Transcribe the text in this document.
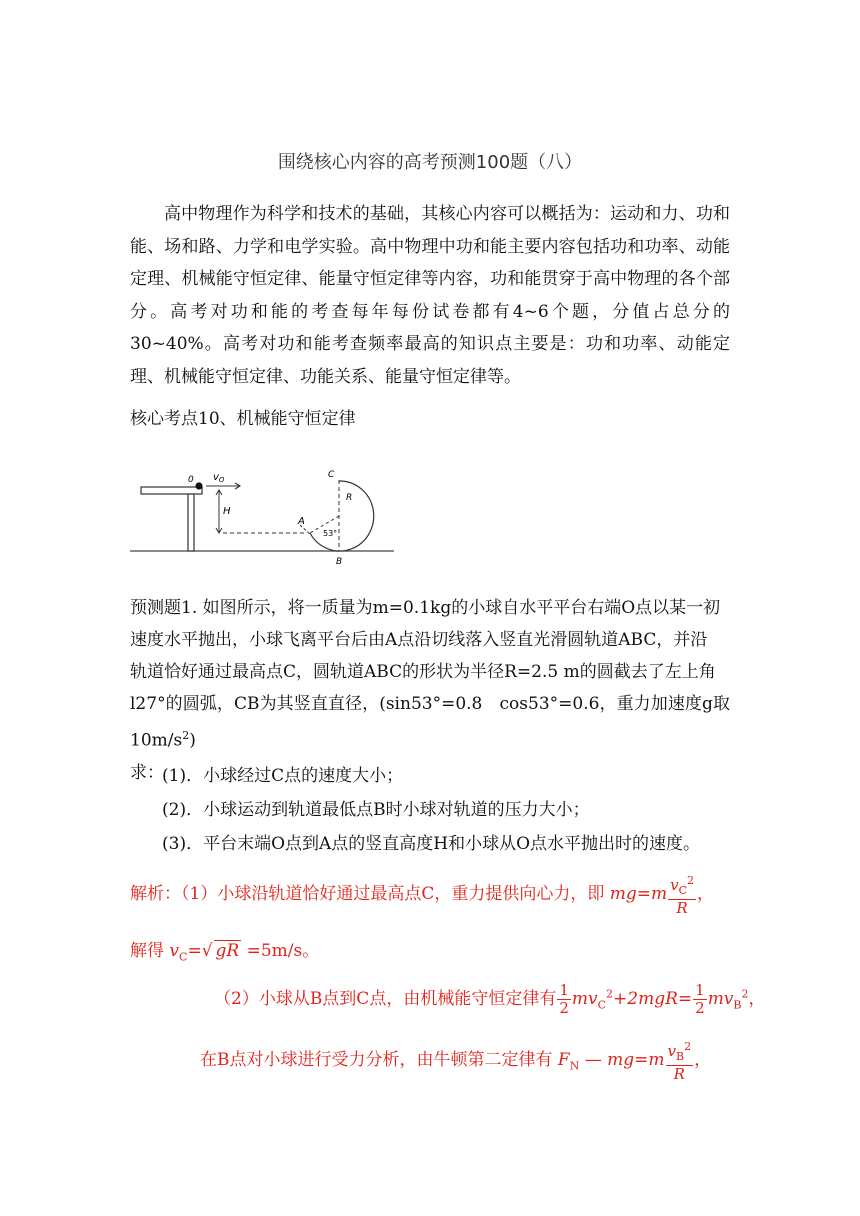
围绕核心内容的高考预测100题（八）
高中物理作为科学和技术的基础，其核心内容可以概括为：运动和力、功和能、场和路、力学和电学实验。高中物理中功和能主要内容包括功和功率、动能定理、机械能守恒定律、能量守恒定律等内容，功和能贯穿于高中物理的各个部分。高考对功和能的考查每年每份试卷都有4~6个题，分值占总分的30~40%。高考对功和能考查频率最高的知识点主要是：功和功率、动能定理、机械能守恒定律、功能关系、能量守恒定律等。
核心考点10、机械能守恒定律
0 $v_O$
H
A
C
R
53°
B
预测题1. 如图所示，将一质量为m=0.1kg的小球自水平平台右端O点以某一初
速度水平抛出，小球飞离平台后由A点沿切线落入竖直光滑圆轨道ABC，并沿
轨道恰好通过最高点C，圆轨道ABC的形状为半径R=2.5 m的圆截去了左上角
l27°的圆弧，CB为其竖直直径，(sin53°=0.8　cos53°=0.6，重力加速度g取$10m/s^2$)
求：
(1)．小球经过C点的速度大小；
(2)．小球运动到轨道最低点B时小球对轨道的压力大小；
(3)．平台末端O点到A点的竖直高度H和小球从O点水平抛出时的速度。
解析：（1）小球沿轨道恰好通过最高点C，重力提供向心力，即 $mg=m \frac{v_C^2}{R}$ ，
解得 $v_C=√$ gR =5m/s。
（2）小球从B点到C点，由机械能守恒定律有 $\frac{1}{2} mv_C^2+2mgR= \frac{1}{2} mv_B^2$，
在B点对小球进行受力分析，由牛顿第二定律有 $F_N$ — $mg=m \frac{v_B^2}{R}$ ，
